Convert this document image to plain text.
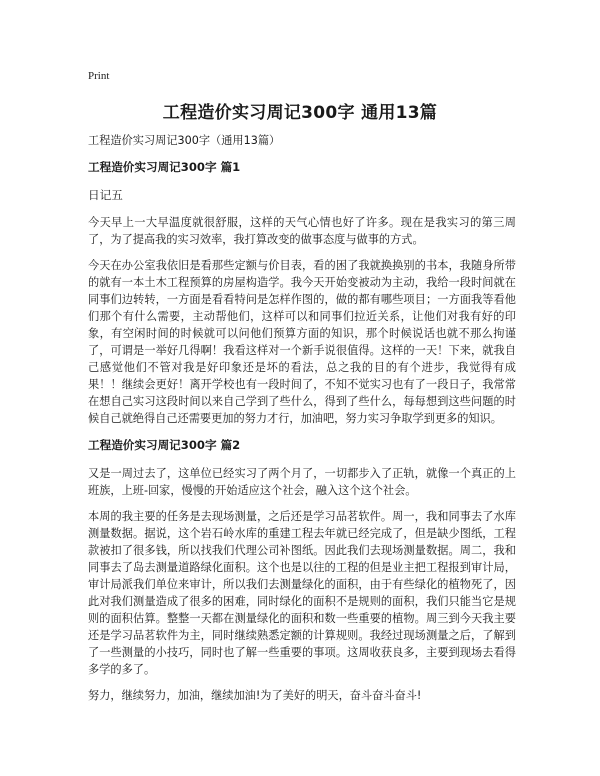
Print
工程造价实习周记300字 通用13篇

工程造价实习周记300字（通用13篇）

工程造价实习周记300字 篇1

日记五

今天早上一大早温度就很舒服，这样的天气心情也好了许多。现在是我实习的第三周了，为了提高我的实习效率，我打算改变的做事态度与做事的方式。

今天在办公室我依旧是看那些定额与价目表，看的困了我就换换别的书本，我随身所带的就有一本土木工程预算的房屋构造学。我今天开始变被动为主动，我给一段时间就在同事们边转转，一方面是看看特问是怎样作图的，做的都有哪些项目；一方面我等看他们那个有什么需要，主动帮他们，这样可以和同事们拉近关系，让他们对我有好的印象，有空闲时间的时候就可以问他们预算方面的知识，那个时候说话也就不那么拘谨了，可谓是一举好几得啊！我看这样对一个新手说很值得。这样的一天！下来，就我自己感觉他们不管对我是好印象还是坏的看法，总之我的目的有个进步，我觉得有成果！！继续会更好！离开学校也有一段时间了，不知不觉实习也有了一段日子，我常常在想自己实习这段时间以来自己学到了些什么，得到了些什么，每每想到这些问题的时候自己就绝得自己还需要更加的努力才行，加油吧，努力实习争取学到更多的知识。

工程造价实习周记300字 篇2

又是一周过去了，这单位已经实习了两个月了，一切都步入了正轨，就像一个真正的上班族，上班-回家，慢慢的开始适应这个社会，融入这个这个社会。

本周的我主要的任务是去现场测量，之后还是学习品茗软件。周一，我和同事去了水库测量数据。据说，这个岩石岭水库的重建工程去年就已经完成了，但是缺少图纸，工程款被扣了很多钱，所以找我们代理公司补图纸。因此我们去现场测量数据。周二，我和同事去了岛去测量道路绿化面积。这个也是以往的工程的但是业主把工程报到审计局，审计局派我们单位来审计，所以我们去测量绿化的面积，由于有些绿化的植物死了，因此对我们测量造成了很多的困难，同时绿化的面积不是规则的面积，我们只能当它是规则的面积估算。整整一天都在测量绿化的面积和数一些重要的植物。周三到今天我主要还是学习品茗软件为主，同时继续熟悉定额的计算规则。我经过现场测量之后，了解到了一些测量的小技巧，同时也了解一些重要的事项。这周收获良多，主要到现场去看得多学的多了。

努力，继续努力，加油，继续加油!为了美好的明天，奋斗奋斗奋斗!
